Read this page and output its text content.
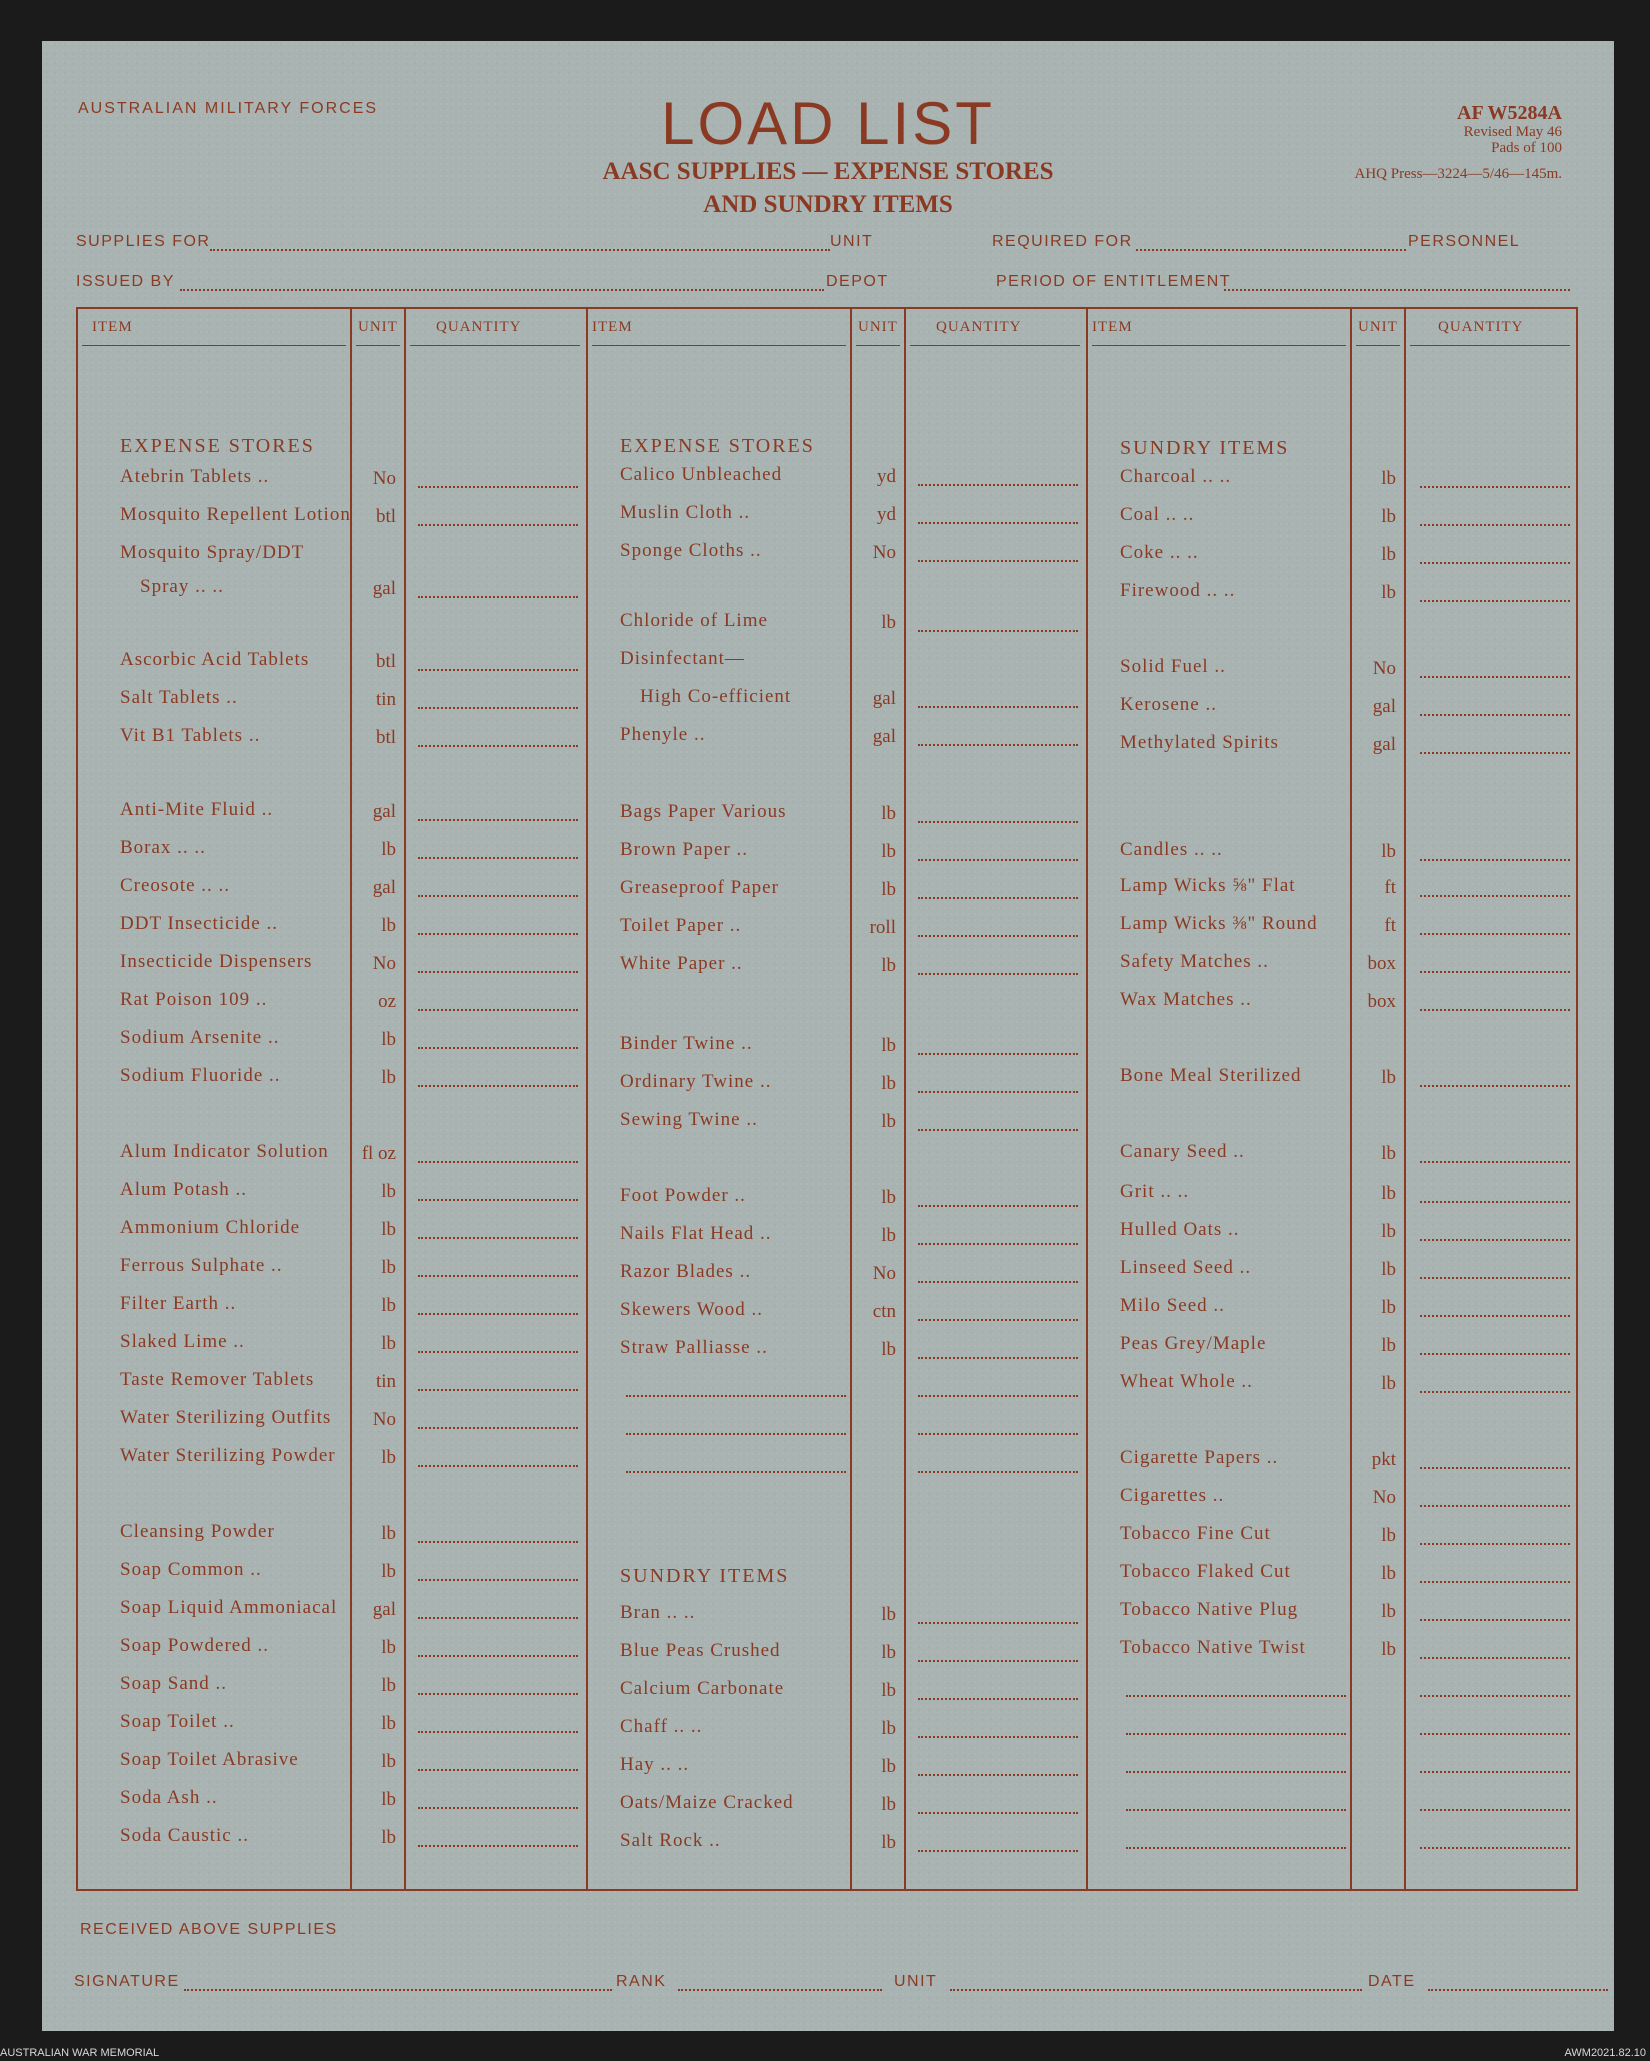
AUSTRALIAN MILITARY FORCES	LOAD LIST
AASC SUPPLIES — EXPENSE STORES
AND SUNDRY ITEMS
AF W5284A
Revised May 46
Pads of 100
AHQ Press—3224—5/46—145m.
SUPPLIES FOR	UNIT	REQUIRED FOR	PERSONNEL
ISSUED BY	DEPOT	PERIOD OF ENTITLEMENT
ITEM	UNIT	QUANTITY	ITEM	UNIT	QUANTITY	ITEM	UNIT	QUANTITY
EXPENSE STORES	EXPENSE STORES	SUNDRY ITEMS
SUNDRY ITEMS
Atebrin Tablets ..	No
Mosquito Repellent Lotion btl
Mosquito Spray/DDT
 Spray .. ..	gal
Ascorbic Acid Tablets	btl
Salt Tablets ..	tin
Vit B1 Tablets ..	btl
Anti-Mite Fluid ..	gal
Borax .. ..	lb
Creosote .. ..	gal
DDT Insecticide ..	lb
Insecticide Dispensers	No
Rat Poison 109 ..	oz
Sodium Arsenite ..	lb
Sodium Fluoride ..	lb
Alum Indicator Solution fl oz
Alum Potash ..	lb
Ammonium Chloride	lb
Ferrous Sulphate ..	lb
Filter Earth ..	lb
Slaked Lime ..	lb
Taste Remover Tablets	tin
Water Sterilizing Outfits No
Water Sterilizing Powder lb
Cleansing Powder	lb
Soap Common ..	lb
Soap Liquid Ammoniacal gal
Soap Powdered ..	lb
Soap Sand ..	lb
Soap Toilet ..	lb
Soap Toilet Abrasive	lb
Soda Ash ..	lb
Soda Caustic ..	lb
Calico Unbleached	yd
Muslin Cloth ..	yd
Sponge Cloths ..	No
Chloride of Lime	lb
Disinfectant—
 High Co-efficient	gal
Phenyle ..	gal
Bags Paper Various	lb
Brown Paper ..	lb
Greaseproof Paper	lb
Toilet Paper ..	roll
White Paper ..	lb
Binder Twine ..	lb
Ordinary Twine ..	lb
Sewing Twine ..	lb
Foot Powder ..	lb
Nails Flat Head ..	lb
Razor Blades ..	No
Skewers Wood ..	ctn
Straw Palliasse ..	lb
Bran .. ..	lb
Blue Peas Crushed	lb
Calcium Carbonate	lb
Chaff .. ..	lb
Hay .. ..	lb
Oats/Maize Cracked	lb
Salt Rock ..	lb
Charcoal .. ..	lb
Coal .. ..	lb
Coke .. ..	lb
Firewood .. ..	lb
Solid Fuel ..	No
Kerosene ..	gal
Methylated Spirits	gal
Candles .. ..	lb
Lamp Wicks ⅝" Flat	ft
Lamp Wicks ⅜" Round	ft
Safety Matches ..	box
Wax Matches ..	box
Bone Meal Sterilized	lb
Canary Seed ..	lb
Grit .. ..	lb
Hulled Oats ..	lb
Linseed Seed ..	lb
Milo Seed ..	lb
Peas Grey/Maple	lb
Wheat Whole ..	lb
Cigarette Papers ..	pkt
Cigarettes ..	No
Tobacco Fine Cut	lb
Tobacco Flaked Cut	lb
Tobacco Native Plug	lb
Tobacco Native Twist	lb
RECEIVED ABOVE SUPPLIES
SIGNATURE	RANK	UNIT	DATE
AUSTRALIAN WAR MEMORIAL	AWM2021.82.10
